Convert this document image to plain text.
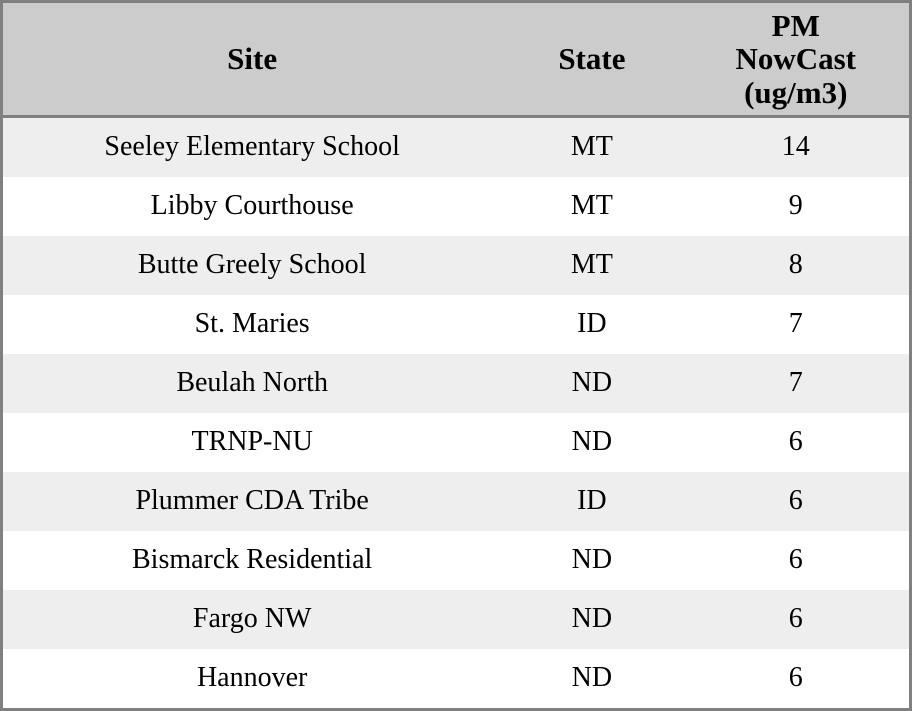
Site	State	PM
NowCast
(ug/m3)

Seeley Elementary School	MT	14
Libby Courthouse	MT	9
Butte Greely School	MT	8
St. Maries	ID	7
Beulah North	ND	7
TRNP-NU	ND	6
Plummer CDA Tribe	ID	6
Bismarck Residential	ND	6
Fargo NW	ND	6
Hannover	ND	6
